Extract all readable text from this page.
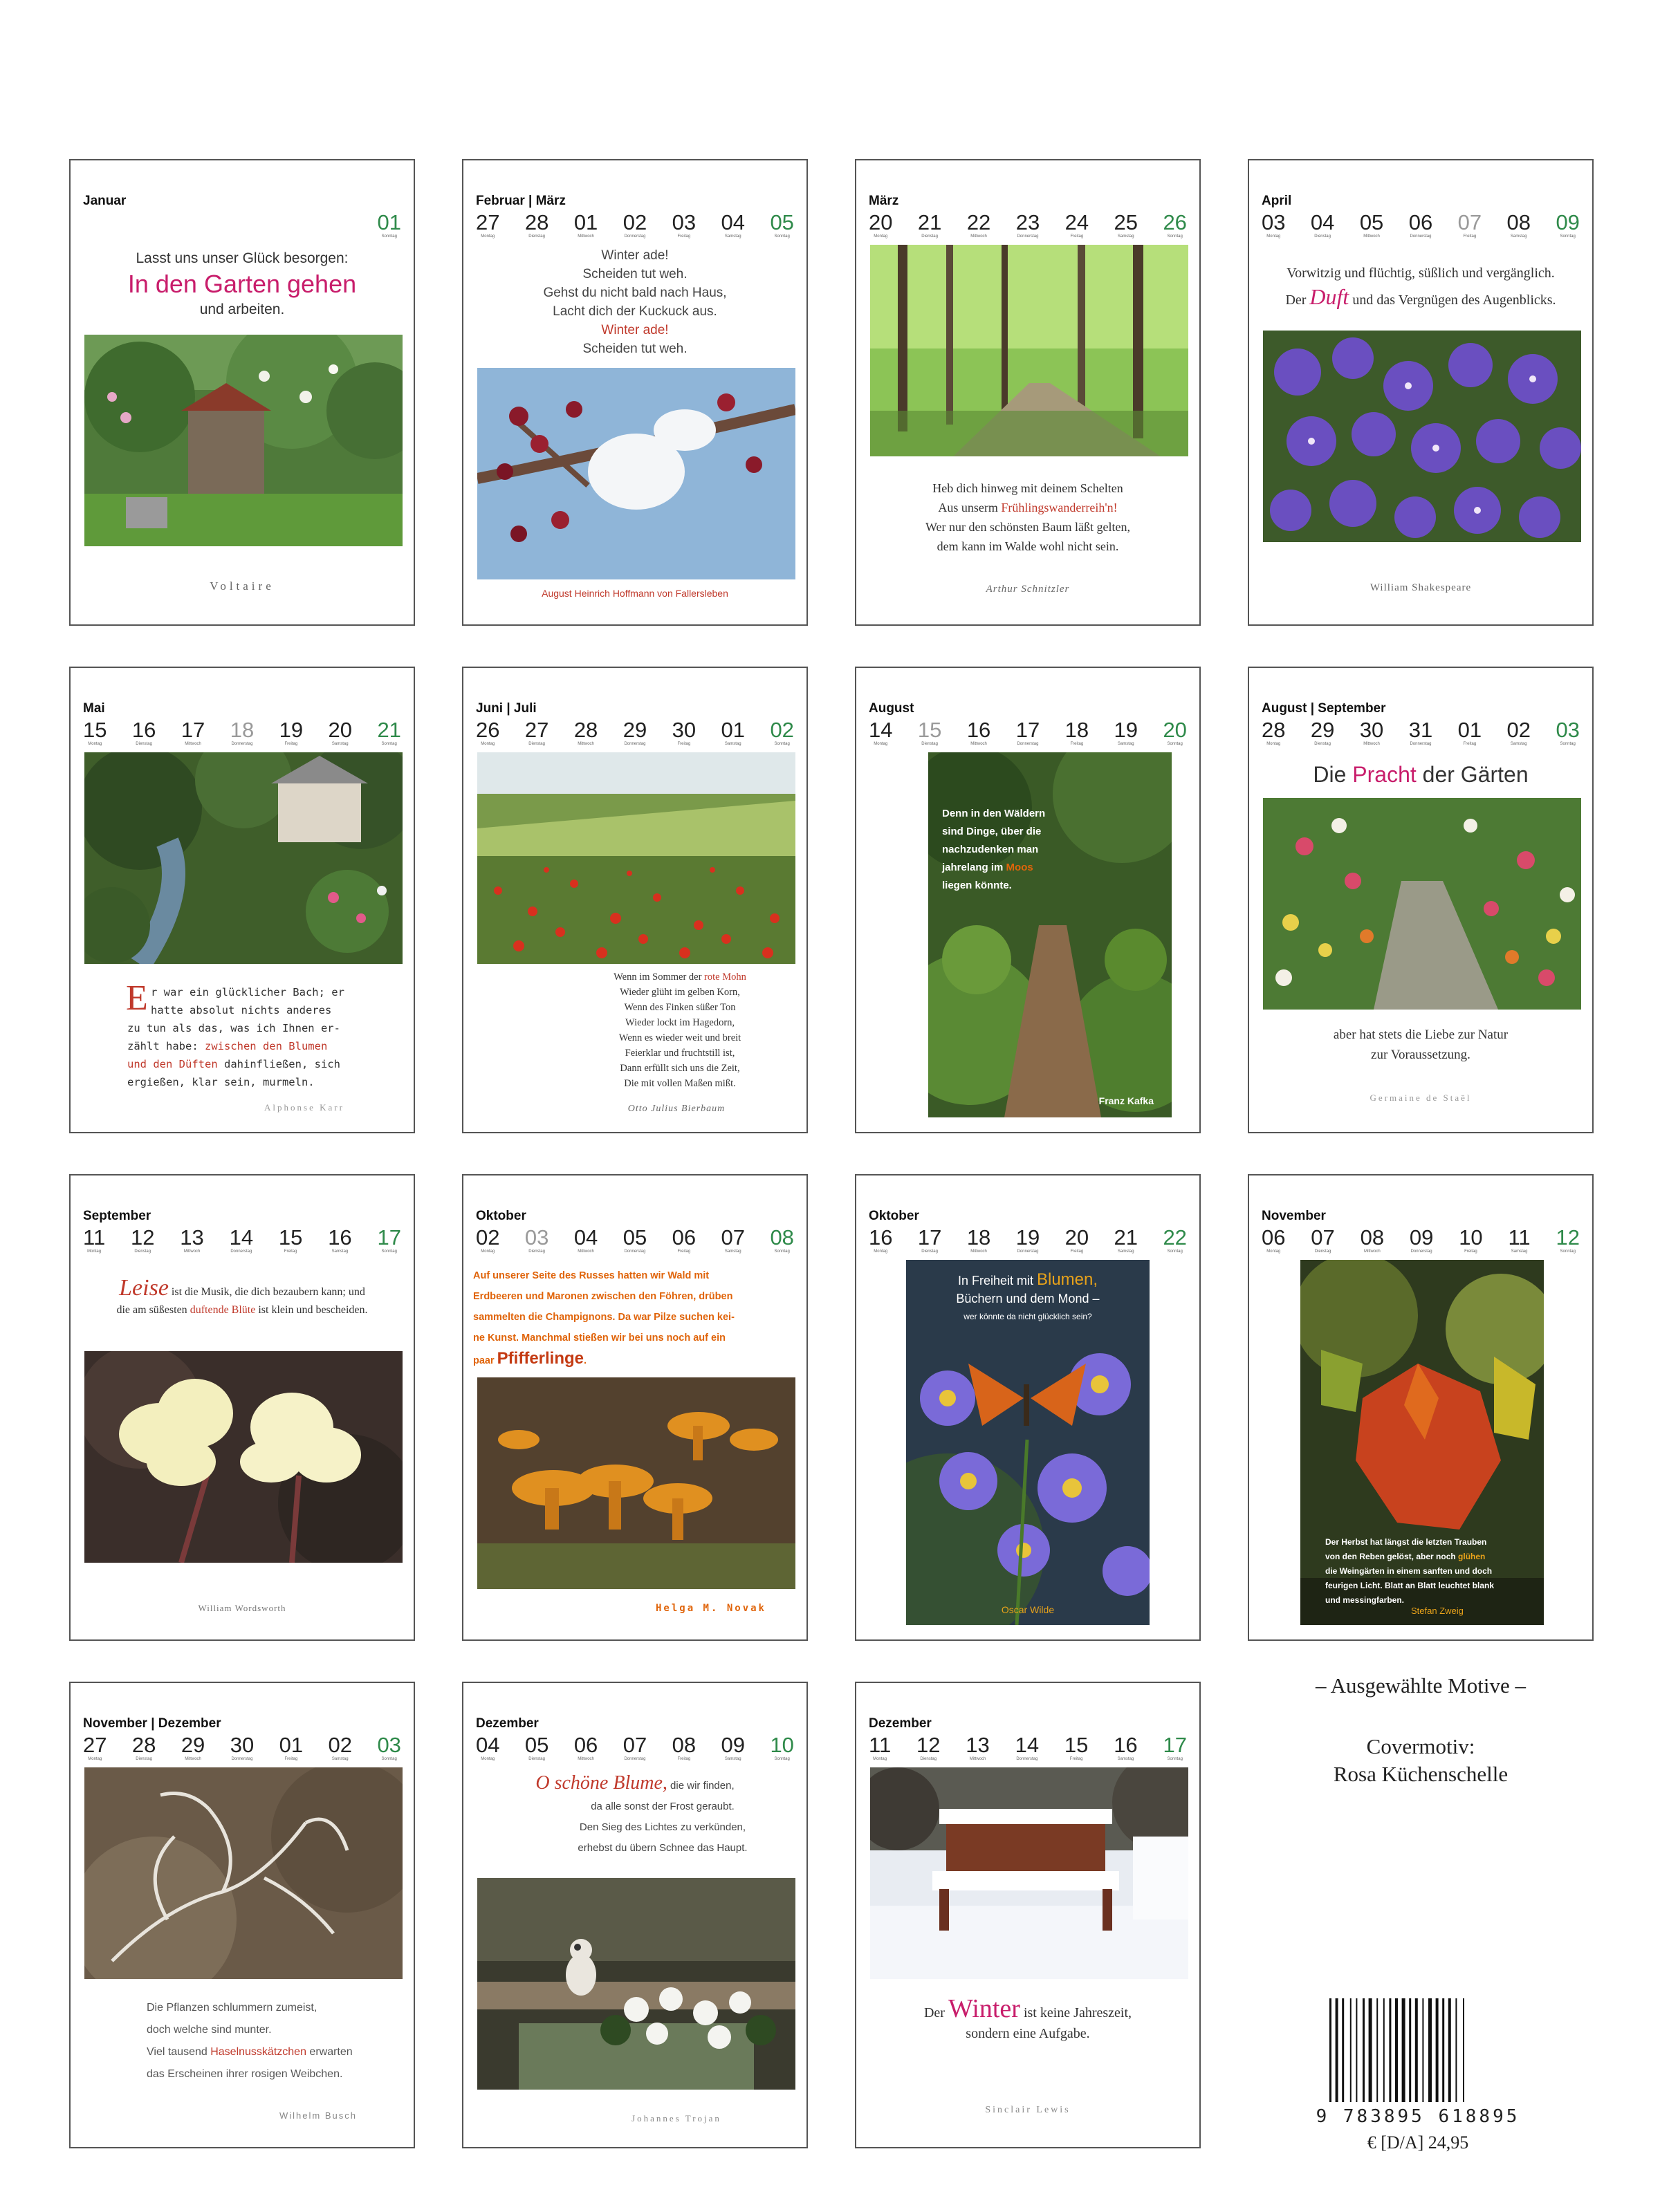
Januar
01
Sonntag
Lasst uns unser Glück besorgen:
In den Garten gehen
und arbeiten.
Voltaire
Februar | März
27
Montag
28
Dienstag
01
Mittwoch
02
Donnerstag
03
Freitag
04
Samstag
05
Sonntag
Winter ade!
Scheiden tut weh.
Gehst du nicht bald nach Haus,
Lacht dich der Kuckuck aus.
Winter ade!
Scheiden tut weh.
August Heinrich Hoffmann von Fallersleben
März
20
Montag
21
Dienstag
22
Mittwoch
23
Donnerstag
24
Freitag
25
Samstag
26
Sonntag
Heb dich hinweg mit deinem Schelten
Aus unserm Frühlingswanderreih'n!
Wer nur den schönsten Baum läßt gelten,
dem kann im Walde wohl nicht sein.
Arthur Schnitzler
April
03
Montag
04
Dienstag
05
Mittwoch
06
Donnerstag
07
Freitag
08
Samstag
09
Sonntag
Vorwitzig und flüchtig, süßlich und vergänglich.
Der Duft und das Vergnügen des Augenblicks.
William Shakespeare
Mai
15
Montag
16
Dienstag
17
Mittwoch
18
Donnerstag
19
Freitag
20
Samstag
21
Sonntag
E r war ein glücklicher Bach; er
hatte absolut nichts anderes
zu tun als das, was ich Ihnen er-
zählt habe: zwischen den Blumen
und den Düften dahinfließen, sich
ergießen, klar sein, murmeln.
Alphonse Karr
Juni | Juli
26
Montag
27
Dienstag
28
Mittwoch
29
Donnerstag
30
Freitag
01
Samstag
02
Sonntag
Wenn im Sommer der rote Mohn
Wieder glüht im gelben Korn,
Wenn des Finken süßer Ton
Wieder lockt im Hagedorn,
Wenn es wieder weit und breit
Feierklar und fruchtstill ist,
Dann erfüllt sich uns die Zeit,
Die mit vollen Maßen mißt.
Otto Julius Bierbaum
August
14
Montag
15
Dienstag
16
Mittwoch
17
Donnerstag
18
Freitag
19
Samstag
20
Sonntag
Denn in den Wäldern
sind Dinge, über die
nachzudenken man
jahrelang im Moos
liegen könnte.
Franz Kafka
August | September
28
Montag
29
Dienstag
30
Mittwoch
31
Donnerstag
01
Freitag
02
Samstag
03
Sonntag
Die Pracht der Gärten
aber hat stets die Liebe zur Natur
zur Voraussetzung.
Germaine de Staël
September
11
Montag
12
Dienstag
13
Mittwoch
14
Donnerstag
15
Freitag
16
Samstag
17
Sonntag
Leise ist die Musik, die dich bezaubern kann; und
die am süßesten duftende Blüte ist klein und bescheiden.
William Wordsworth
Oktober
02
Montag
03
Dienstag
04
Mittwoch
05
Donnerstag
06
Freitag
07
Samstag
08
Sonntag
Auf unserer Seite des Russes hatten wir Wald mit
Erdbeeren und Maronen zwischen den Föhren, drüben
sammelten die Champignons. Da war Pilze suchen kei-
ne Kunst. Manchmal stießen wir bei uns noch auf ein
paar Pfifferlinge.
Helga M. Novak
Oktober
16
Montag
17
Dienstag
18
Mittwoch
19
Donnerstag
20
Freitag
21
Samstag
22
Sonntag
In Freiheit mit Blumen,
Büchern und dem Mond –
wer könnte da nicht glücklich sein?
Oscar Wilde
November
06
Montag
07
Dienstag
08
Mittwoch
09
Donnerstag
10
Freitag
11
Samstag
12
Sonntag
Der Herbst hat längst die letzten Trauben
von den Reben gelöst, aber noch glühen
die Weingärten in einem sanften und doch
feurigen Licht. Blatt an Blatt leuchtet blank
und messingfarben.
Stefan Zweig
November | Dezember
27
Montag
28
Dienstag
29
Mittwoch
30
Donnerstag
01
Freitag
02
Samstag
03
Sonntag
Die Pflanzen schlummern zumeist,
doch welche sind munter.
Viel tausend Haselnusskätzchen erwarten
das Erscheinen ihrer rosigen Weibchen.
Wilhelm Busch
Dezember
04
Montag
05
Dienstag
06
Mittwoch
07
Donnerstag
08
Freitag
09
Samstag
10
Sonntag
O schöne Blume, die wir finden,
da alle sonst der Frost geraubt.
Den Sieg des Lichtes zu verkünden,
erhebst du übern Schnee das Haupt.
Johannes Trojan
Dezember
11
Montag
12
Dienstag
13
Mittwoch
14
Donnerstag
15
Freitag
16
Samstag
17
Sonntag
Der Winter ist keine Jahreszeit,
sondern eine Aufgabe.
Sinclair Lewis
– Ausgewählte Motive –
Covermotiv:
Rosa Küchenschelle
9 783895 618895
€ [D/A] 24,95
